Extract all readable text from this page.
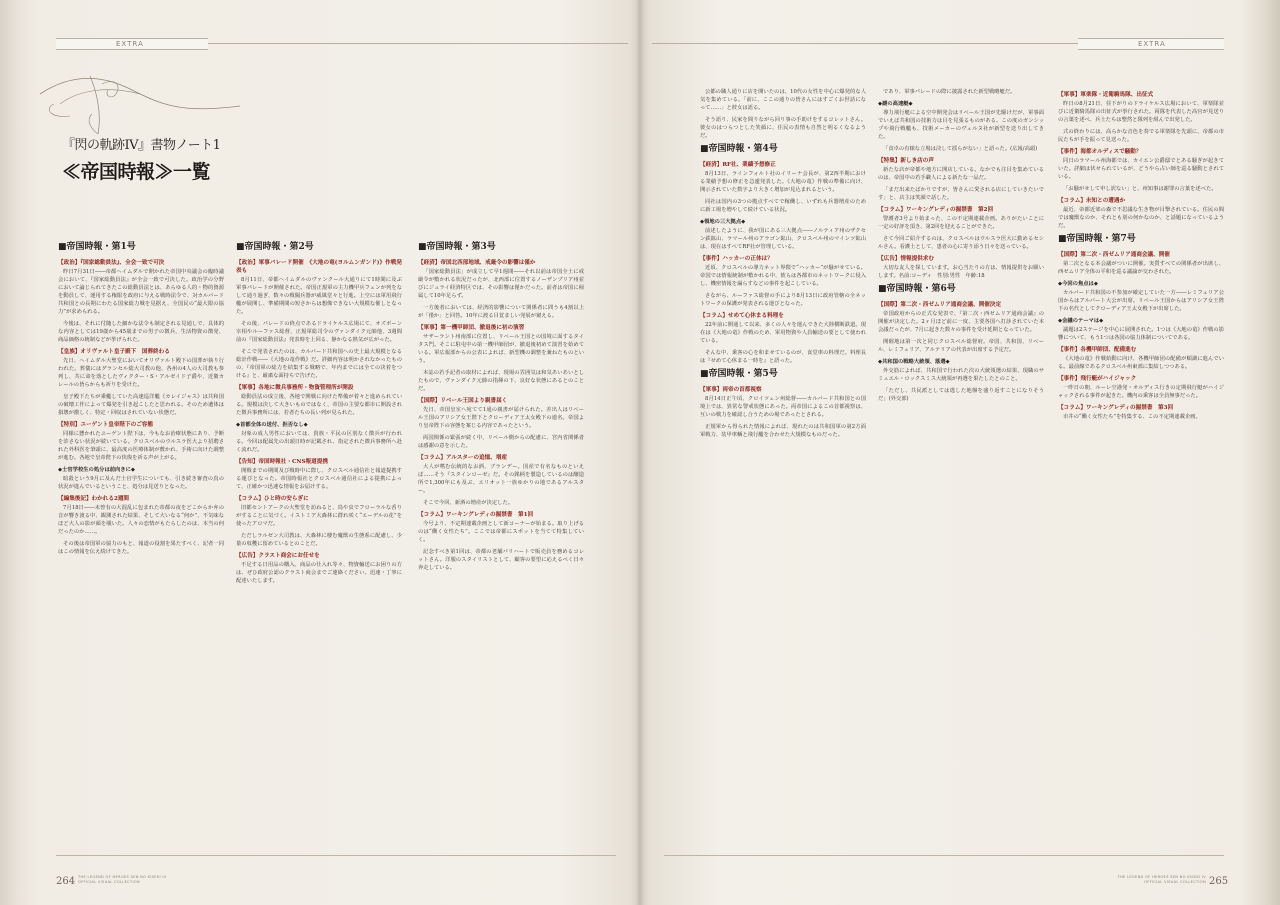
EXTRA	EXTRA
『閃の軌跡IV』書物ノート1
≪帝国時報≫一覧
■帝国時報・第1号
【政治】『国家総動員法』、全会一致で可決
昨日7月31日――帝都ヘイムダルで開かれた帝国中央議会の臨時議会において、『国家総動員法』が全会一致で可決した。政治学の分野において論じられてきたこの総動員法とは、あらゆる人的・物的資源を動員して、運用する権限を政府に与える戦時法令で、対カルバード共和国との長期にわたる国家総力戦を見据え、全国民の“最大限の協力”が求められる。
今後は、それに付随した細かな法令も制定される見通しで、具体的な内容としては19歳から45歳までの男子の徴兵、生活物資の徴発、商品価格の統制などが挙げられた。
【皇族】オリヴァルト皇子殿下　国葬終わる
先日、ヘイムダル大聖堂においてオリヴァルト殿下の国葬が執り行われた。葬儀にはグランセル総大司教の他、各州の4人の大司教も参列し、共に命を落としたヴィクター・S・アルゼイド子爵や、近衛カレールの皆らからも祈りを受けた。
皇子殿下たちが乗艦していた高速巡洋艦《カレイジャス》は共和国の破壊工作によって爆発を引き起こしたと思われる。そのため遺体は損壊が激しく、特定・回収はされていない状態だ。
【特別】ユーゲント皇帝陛下のご容態
同様に懸かれたユーゲント陛下は、今もなお治療状態にあり、予断を許さない状況が続いている。クロスベルのウルスラ医大より招聘された外科医を筆頭に、最高度の医療体制が敷かれ、手術に向けた調整が進む。各地で皇帝陛下の快復を祈る声が上がる。
◆士官学校生の処分は前向きに◆
暗殺という9月に及んだ士官学生についても、引き続き審査の真の状況が進んでいるということ、処分は見送りとなった。
【編集後記】わかれる2週間
7月18日――未曾有の大混乱に包まれた帝都の夜をどこからか弁の音が響き渡る中、観測された結果、そして大いなる“何か”、不気味なほど大人の影が顔を覗いた。人々の恋情がもたらしたのは、本当の何だったのか……。
その後は帝国軍の協力のもと、報道の役割を果たすべく、記者一同はこの情報を伝え続けてきた。
■帝国時報・第2号
【政治】軍事パレード開催　《大地の竜(ヨルムンガンド)》作戦発表も
8月11日、帝都ヘイムダルのヴァンクール大通りにて1時間に及ぶ軍事パレードが開催された。帝国正規軍の主力機甲兵フェンが列をなして通り過ぎ、数々の戦闘兵器が威風堂々と行進。上空には軍用飛行艦が展開し、準備期間の短さからは想像できない大規模な催しとなった。
その後、パレードの終点であるドライケルス広場にて、オズボーン宰相やルーファス総督、正規軍総司令のヴァンダイク元帥他、3週間前の『国家総動員法』発表時を上回る、静かなる熱気が広がった。
そこで発表されたのは、カルバード共和国への史上最大規模となる総計作戦――《大地の竜作戦》だ。詳細内容は明かされなかったものの、『帝国軍の総力を結集する戦略で、年内までには全ての決着をつける』と、厳粛な面持ちで告げた。
【軍事】各地に徴兵事務所・物資管理所が開設
総動員法の成立後、各地で開戦に向けた準備が着々と進められている。規模は決して大きいものではなく、帝国の主要な都市に開設された徴兵事務所には、若者たちの長い列が見られた。
◆首都全体の送付、拒否なし◆
対象の成人男性においては、貴族・平民の区別なく徴兵が行われる。今回は配属先の出頭日時が記載され、指定された徴兵事務所へ赴く流れだ。
【告知】帝国時報社・CNS報道提携
開戦までの期間及び戦時中に際し、クロスベル通信社と報道提携する運びとなった。帝国時報社とクロスベル通信社による提携によって、正確かつ迅速な情報をお届けする。
【コラム】ひと時の安らぎに
旧都セントアークの大聖堂を訪ねると、鳥や虫でフローラルな香りがすることに気づく。イストミア大森林に群れ咲く“エーデルの花”を使ったアロマだ。
ただしラルゼン大司教は、大森林に棲む魔獣の生態系に配慮し、少量の収穫に留めているとのことだ。
【広告】クラスト商会にお任せを
不足する日用品の購入、商品の仕入れ等々、物資輸送にお困りの方は、ぜひ政府公認のクラスト商会までご連絡ください。迅速・丁寧に配達いたします。
■帝国時報・第3号
【経済】帝国北西部地域、戒厳令の影響は僅か
「国家総動員法」が成立して早1週間――それ以前は帝国全土に戒厳令が敷かれる状況だったが、北西部に位置するノーザンブリア州並びにジュライ経済特区では、その影響は僅かだった。前者は帝国に帰属して10年足らず。
一方後者においては、経済的影響について関係者に問うも4割以上が「僅か」と回答。10年に渡る目覚ましい発展が窺える。
【軍事】第一機甲師団、撤退後に初の演習
サザーラント州南部に位置し、リベール王国との国境に面するタイタス門。そこに駐屯中の第一機甲師団が、撤退後初めて演習を始めている。軍広報部からの公表によれば、新型機の調整を兼ねたものという。
本誌の若手記者の取材によれば、現場の雰囲気は和気あいあいとしたもので、ヴァンダイク元帥の指揮の下、良好な状態にあるとのことだ。
【国際】リベール王国より親書届く
先日、帝国皇室へ宛てて1通の親書が届けられた。差出人はリベール王国のアリシア女王陛下とクローディア王太女殿下の連名。帝国より皇帝陛下の容態を案じる内容であったという。
両国関係の緊張が続く中、リベール側からの配慮に、宮内省関係者は感謝の意を示した。
【コラム】アルスターの追憶、増産
大人が嗜む伝統的なお酒、ブランデー。国産で有名なものといえば……そう『スタインローゼ』だ。その銘柄を製造しているのは醸造所で1,300年にも及ぶ、エリオット一族ゆかりの地であるアルスター。
そこで今回、新酒の増産が決定した。
【コラム】ワーキングレディの掘禁書　第1回
今号より、不定期連載企画として新コーナーが始まる。取り上げるのは“働く女性たち”。ここでは帝都にスポットを当てて特集していく。
記念すべき第1回は、帝都の老舗パリハートで販売員を務めるコレットさん。洋服のスタイリストとして、顧客の要望に応えるべく日々奔走している。
公都の職人通りに店を開いたのは、10代の女性を中心に爆発的な人気を集めている。「前に、ここの通りの皆さんにはすごくお世話になって……」と彼女は語る。
そう語り、民家を間りながら回り事の手助けをするコレットさん。彼女のはつらつとした笑顔に、住民の表情も自然と明るくなるようだ。
■帝国時報・第4号
【経済】RF社、業績予想修正
8月13日、ラインフォルト社のイリーナ会長が、第2四半期における業績予想の修正を急遽発表した。《大地の竜》作戦の準備に向け、開示されていた数字より大きく増加が見込まれるという。
同社は国内の3つの拠点すべてで稼働し、いずれも兵器増産のために新工場を増やして続けている状況。
◆領地の三大拠点◆
前述したように、我が国にある三大拠点――ノルティア州のザクセン鉄鉱山、ラマール州のアラゴン鉱山、クロスベル州のマインツ鉱山は、現在はすべてRF社が管理している。
【事件】ハッカーの正体は？
近頃、クロスベルの導力ネット界隈で“ハッカー”が騒がせている。帝国では情報統制が敷かれる中、彼らは各都市のネットワークに侵入し、機密情報を漏らすなどの事件を起こしている。
さながら、ルーファス総督の手により8月13日に政府管轄の全ネットワークの保護が発表される運びとなった。
【コラム】せめて心休まる料理を
22年前に開通して以来、多くの人々を運んできた大陸横断鉄道。現在は《大地の竜》作戦のため、軍用物資や人員輸送の要として使われている。
そんな中、乗客の心を和ませているのが、食堂車の料理だ。料理長は『せめて心休まる一時を』と語った。
■帝国時報・第5号
【軍事】両帝の首都視察
8月14日正午頃、クロイツェン州総督――カルバード共和国との国境上では、異常な警戒状態にあった。両帝国によるこの首都視察は、互いの戦力を確認し合うための場であったとされる。
正規軍から得られた情報によれば、現れたのは共和国軍の第2方面軍戦力、装甲車輌と飛行艦を合わせた大規模なものだった。
であり、軍事パレードの際に披露された新型戦略艇だ。
◆謎の高速艇◆
導力飛行艇による空中開発会はリベール王国が先駆けだが、軍事面でいえば共和国の技術力は目を見張るものがある。この度のガンシップや飛行戦艦も、技術メーカーのヴェルヌ社が新型を送り出してきた。
「食卓の有様な立場は決して揺らがない」と語った。(広報/高頭)
【特集】新しき店の声
新たな店が帝都や地方に開店している。なかでも注目を集めているのは、帝国中の若手職人による新たな一品だ。
「まだ出来たばかりですが、皆さんに愛される店にしていきたいです」と、店主は笑顔で話した。
【コラム】ワーキングレディの掘禁書　第2回
警護者3号より始まった、この不定期連載企画。ありがたいことに一定の好評を頂き、第2回を迎えることができた。
さて今回ご紹介するのは、クロスベルはウルスラ医大に勤めるセシルさん。看護士として、患者の心に寄り添う日々を送っている。
【広告】情報提供求む
大切な友人を探しています。お心当たりの方は、情報提供をお願いします。名前:コーディ　性別:男性　年齢:18
■帝国時報・第6号
【国際】第二次・西ゼムリア通商会議、開催決定
帝国政府からの正式な発表で、『第二次・西ゼムリア通商会議』の開催が決定した。2ヶ月ほど前に一度、主要各国へ打診されていた本会議だったが、7月に起きた数々の事件を受け延期となっていた。
開催地は第一次と同じクロスベル総督府。帝国、共和国、リベール、レミフェリア、アルテリアの代表が出席する予定だ。
◆共和国の戦略大統領、落選◆
外交筋によれば、共和国で行われた次の大統領選の結果、現職のサミュエル・ロックスミス大統領が再選を果たしたとのこと。
「ただし、共民派としては逃した地盤を盛り返すことになりそうだ」(外交部)
【軍事】軍楽隊・近衛騎馬隊、出征式
昨日の8月21日、昼下がりのドライケルス広場において、軍楽隊並びに近衛騎馬隊の出征式が挙行された。両隊を代表した高官が見送りの言葉を述べ、兵士たちは整然と隊列を組んで出発した。
式の終わりには、高らかな音色を奏でる軍楽隊を先頭に、帝都の市民たちが手を振って見送った。
【事件】海都オルディスで騒動？
同日のラマール州海都では、カイエン公爵邸でとある騒ぎが起きていた。詳細は伏せられているが、どうやら占い師を巡る騒動とされている。
「お騒がせして申し訳ない」と、州知事は謝罪の言葉を述べた。
【コラム】未知との遭遇か
最近、帝都近郊の森で不思議な生き物が目撃されている。住民の間では魔獣なのか、それとも別の何かなのか、と話題になっているようだ。
■帝国時報・第7号
【国際】第二次・西ゼムリア通商会議、開催
第二次となる本会議がついに開催。実質すべての関係者が出席し、西ゼムリア全体の平和を巡る議論が交わされた。
◆今回の焦点は◆
カルバード共和国の不参加が確定していた一方――レミフェリア公国からはアルバート大公が出席。リベール王国からはアリシア女王陛下の名代としてクローディア王太女殿下が出席した。
◆会議のテーマは◆
議題は2ステージを中心に展開された。1つは《大地の竜》作戦の影響について、もう1つは各国の協力体制についてである。
【事件】各機甲師団、配備進む
《大地の竜》作戦始動に向け、各機甲師団の配備が順調に進んでいる。最前線であるクロスベル州東部に集結しつつある。
【事件】飛行艇がハイジャック
一昨日の朝、ルーレ空港発・オルディス行きの定期飛行艇がハイジャックされる事件が起きた。機内の乗客は全員無事だった。
【コラム】ワーキングレディの掘禁書　第3回
市井の“働く女性たち”を特集する、この不定期連載企画。
264 THE LEGEND OF HEROES SEN NO KISEKI IV
OFFICIAL VISUAL COLLECTION
THE LEGEND OF HEROES SEN NO KISEKI IV
OFFICIAL VISUAL COLLECTION 265
